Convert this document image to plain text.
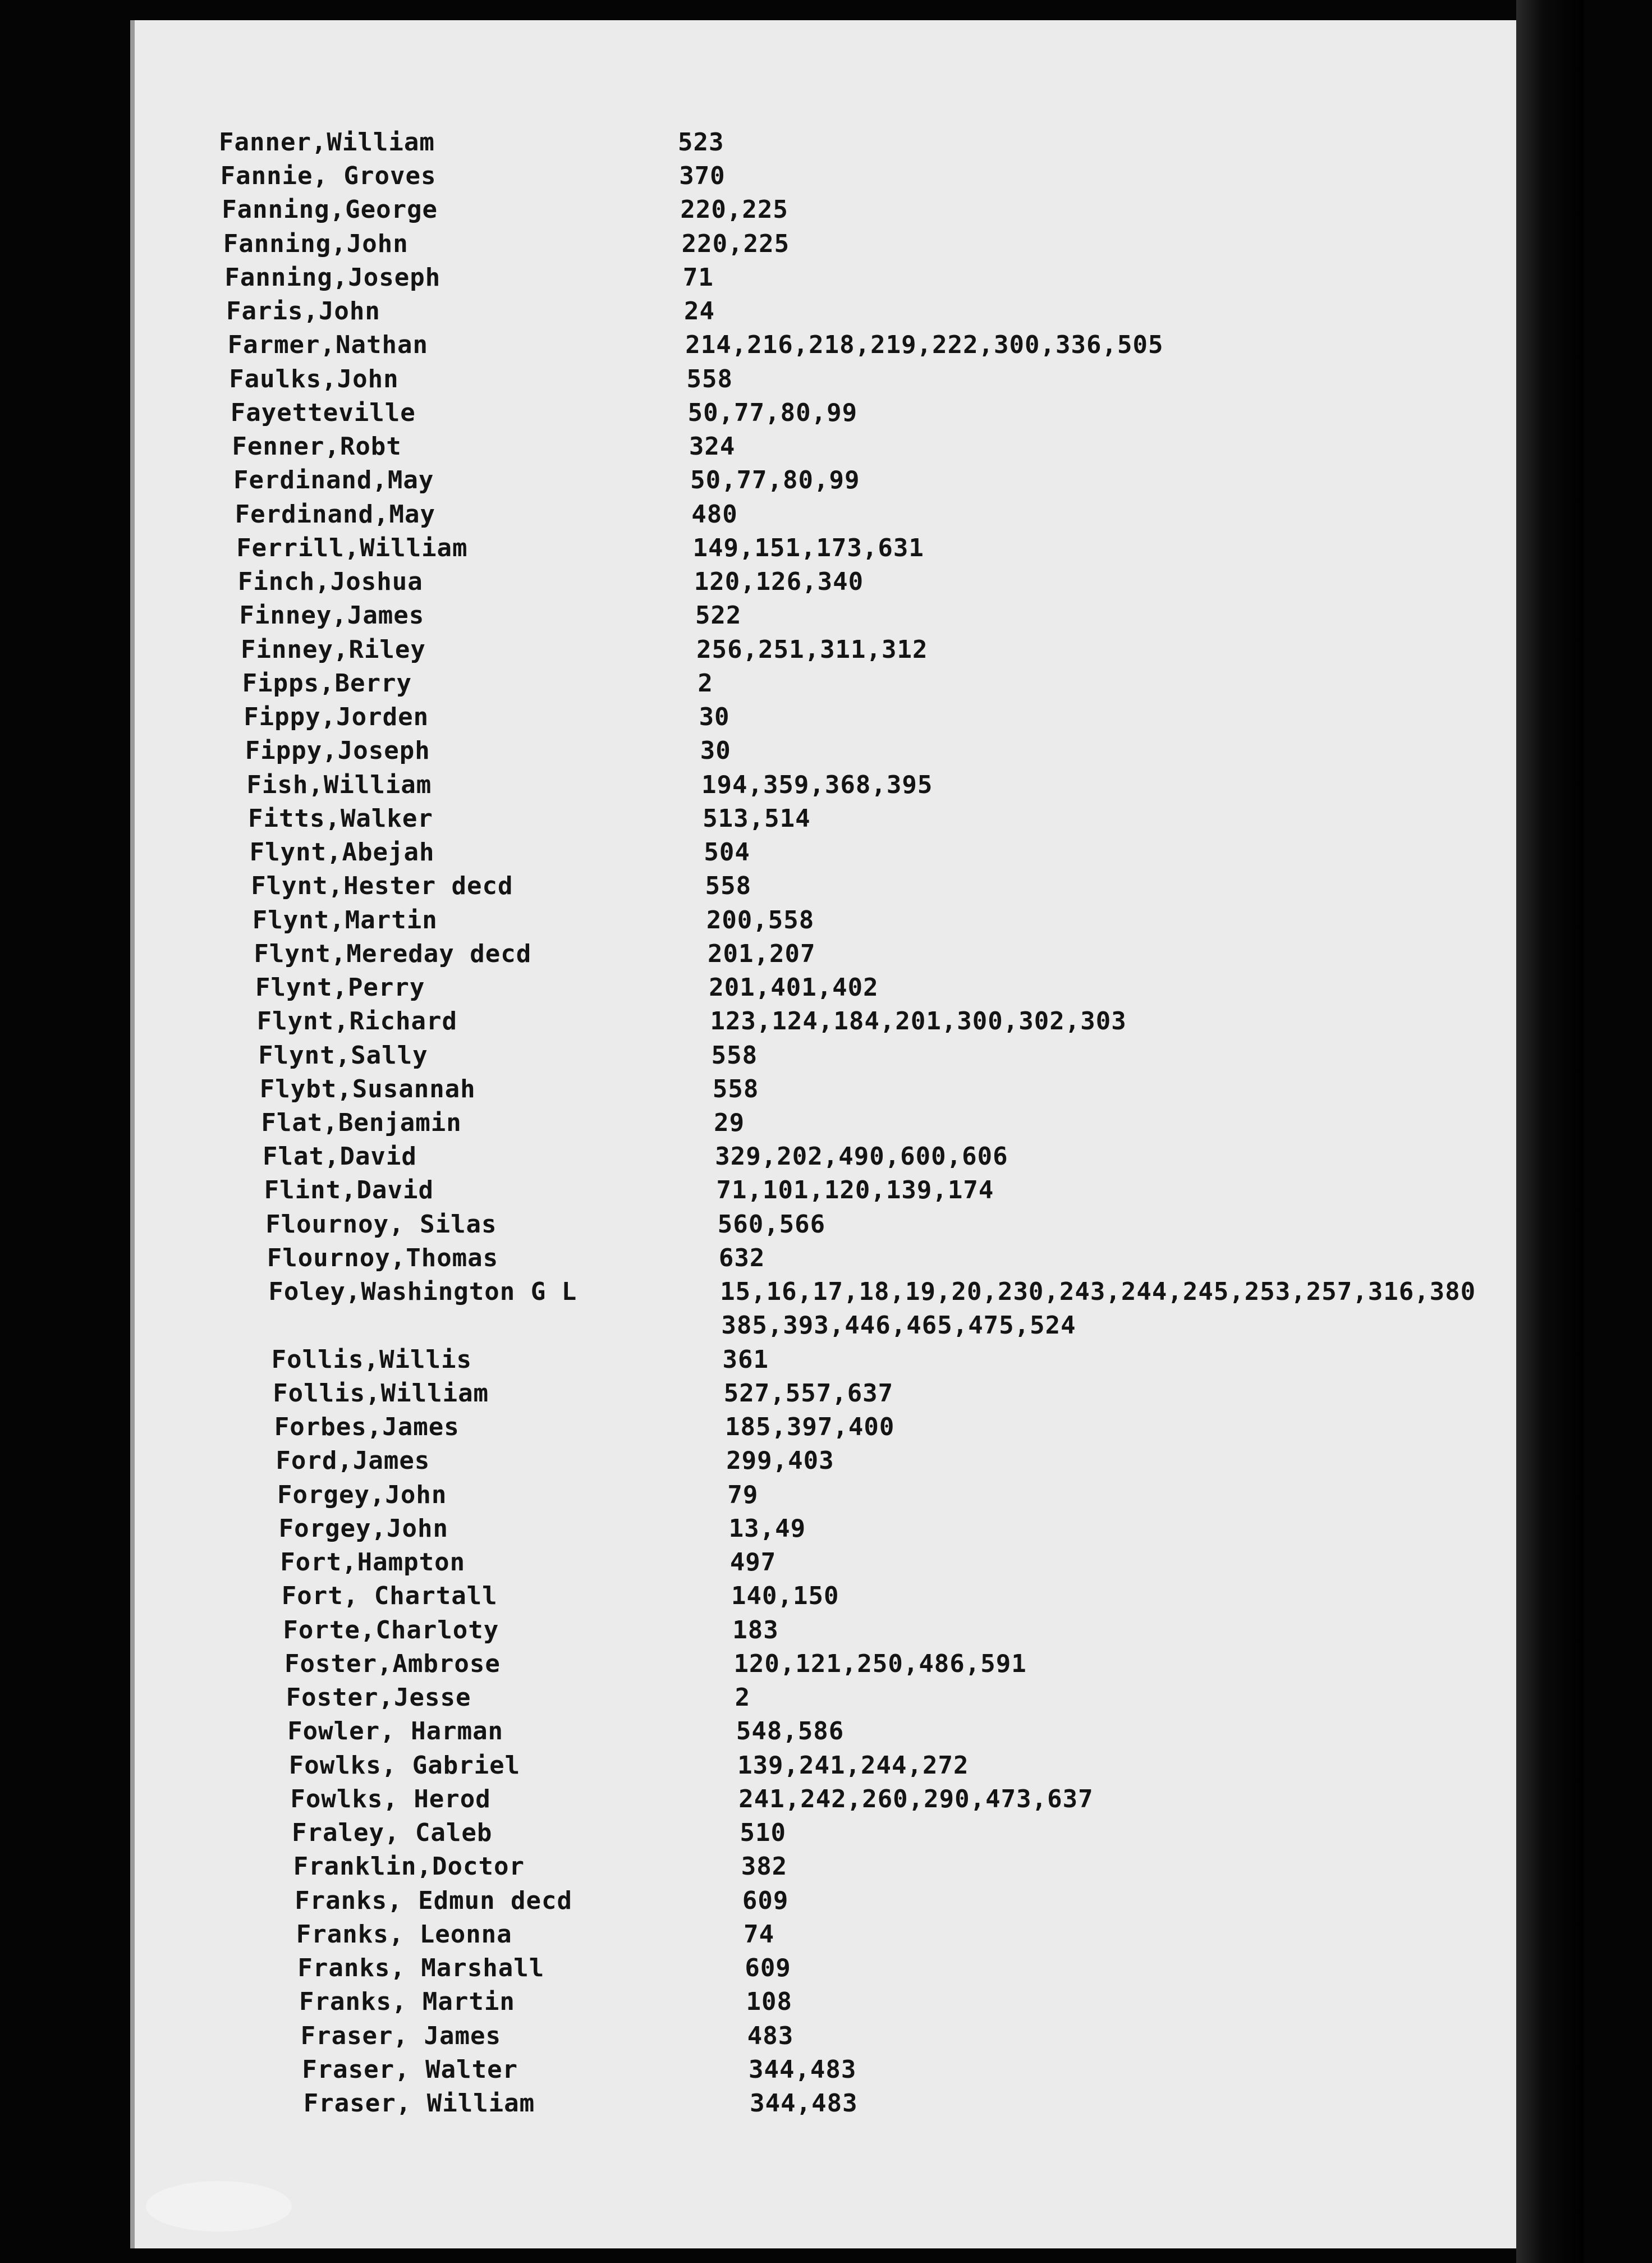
Fanner,William	523
Fannie, Groves	370
Fanning,George	220,225
Fanning,John	220,225
Fanning,Joseph	71
Faris,John	24
Farmer,Nathan	214,216,218,219,222,300,336,505
Faulks,John	558
Fayetteville	50,77,80,99
Fenner,Robt	324
Ferdinand,May	50,77,80,99
Ferdinand,May	480
Ferrill,William	149,151,173,631
Finch,Joshua	120,126,340
Finney,James	522
Finney,Riley	256,251,311,312
Fipps,Berry	2
Fippy,Jorden	30
Fippy,Joseph	30
Fish,William	194,359,368,395
Fitts,Walker	513,514
Flynt,Abejah	504
Flynt,Hester decd	558
Flynt,Martin	200,558
Flynt,Mereday decd	201,207
Flynt,Perry	201,401,402
Flynt,Richard	123,124,184,201,300,302,303
Flynt,Sally	558
Flybt,Susannah	558
Flat,Benjamin	29
Flat,David	329,202,490,600,606
Flint,David	71,101,120,139,174
Flournoy, Silas	560,566
Flournoy,Thomas	632
Foley,Washington G L	15,16,17,18,19,20,230,243,244,245,253,257,316,380
385,393,446,465,475,524
Follis,Willis	361
Follis,William	527,557,637
Forbes,James	185,397,400
Ford,James	299,403
Forgey,John	79
Forgey,John	13,49
Fort,Hampton	497
Fort, Chartall	140,150
Forte,Charloty	183
Foster,Ambrose	120,121,250,486,591
Foster,Jesse	2
Fowler, Harman	548,586
Fowlks, Gabriel	139,241,244,272
Fowlks, Herod	241,242,260,290,473,637
Fraley, Caleb	510
Franklin,Doctor	382
Franks, Edmun decd	609
Franks, Leonna	74
Franks, Marshall	609
Franks, Martin	108
Fraser, James	483
Fraser, Walter	344,483
Fraser, William	344,483
